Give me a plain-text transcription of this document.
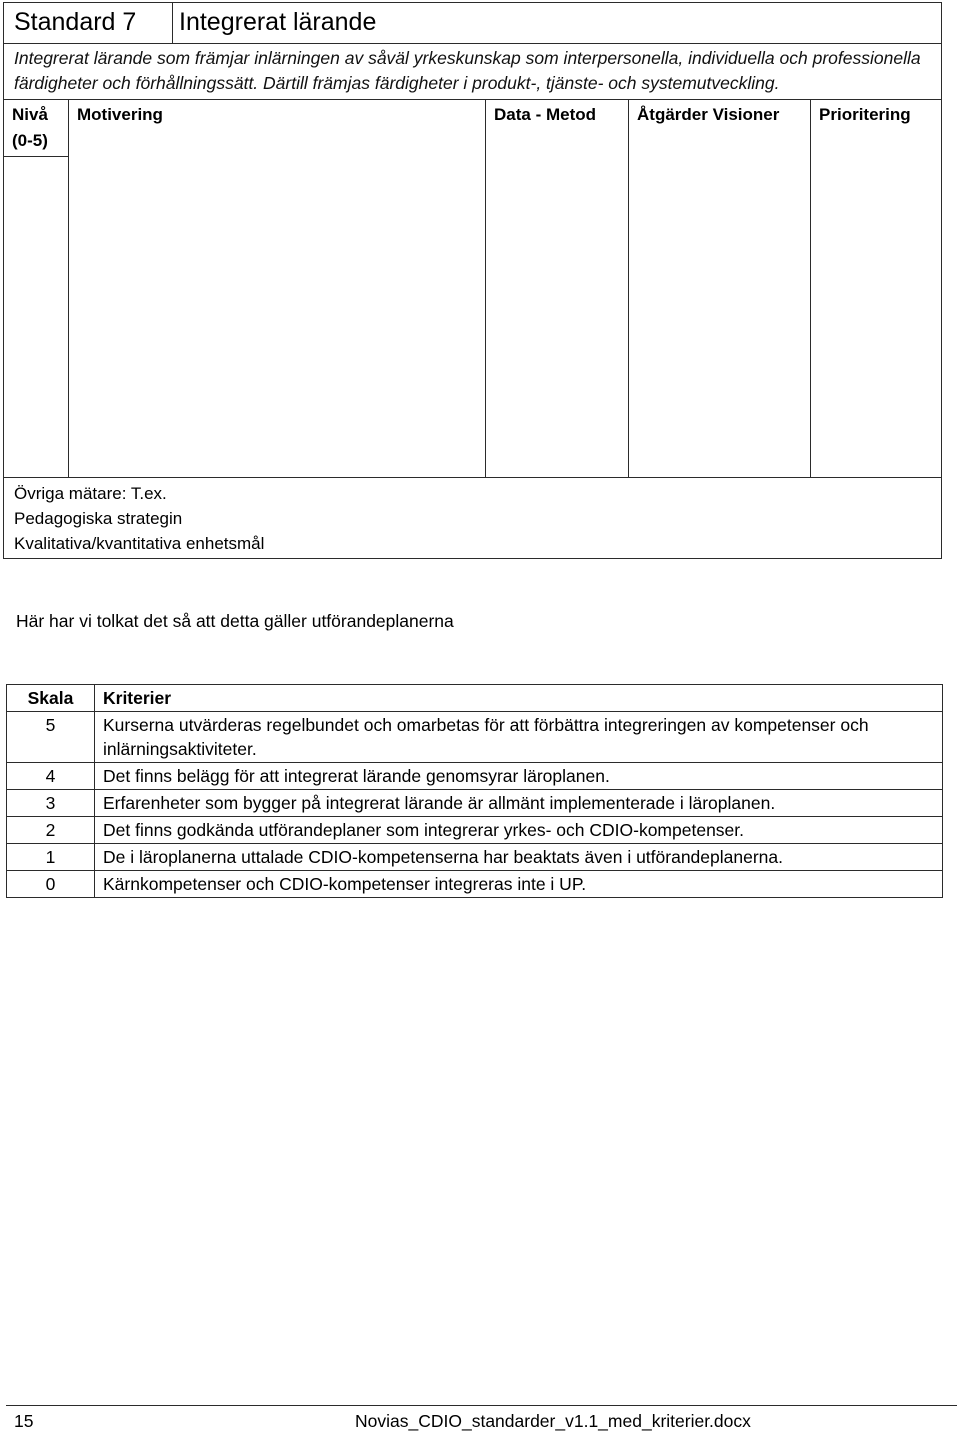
Standard 7		Integrerat lärande			
Integrerat lärande som främjar inlärningen av såväl yrkeskunskap som interpersonella, individuella och professionella färdigheter och förhållningssätt. Därtill främjas färdigheter i produkt-, tjänste- och systemutveckling.					

Nivå
(0-5)	Motivering		Data - Metod	Åtgärder Visioner	Prioritering

Övriga mätare: T.ex.
Pedagogiska strategin
Kvalitativa/kvantitativa enhetsmål					
Här har vi tolkat det så att detta gäller utförandeplanerna
Skala	Kriterier
5	Kurserna utvärderas regelbundet och omarbetas för att förbättra integreringen av kompetenser och inlärningsaktiviteter.
4	Det finns belägg för att integrerat lärande genomsyrar läroplanen.
3	Erfarenheter som bygger på integrerat lärande är allmänt implementerade i läroplanen.
2	Det finns godkända utförandeplaner som integrerar yrkes- och CDIO-kompetenser.
1	De i läroplanerna uttalade CDIO-kompetenserna har beaktats även i utförandeplanerna.
0	Kärnkompetenser och CDIO-kompetenser integreras inte i UP.
15	Novias_CDIO_standarder_v1.1_med_kriterier.docx
